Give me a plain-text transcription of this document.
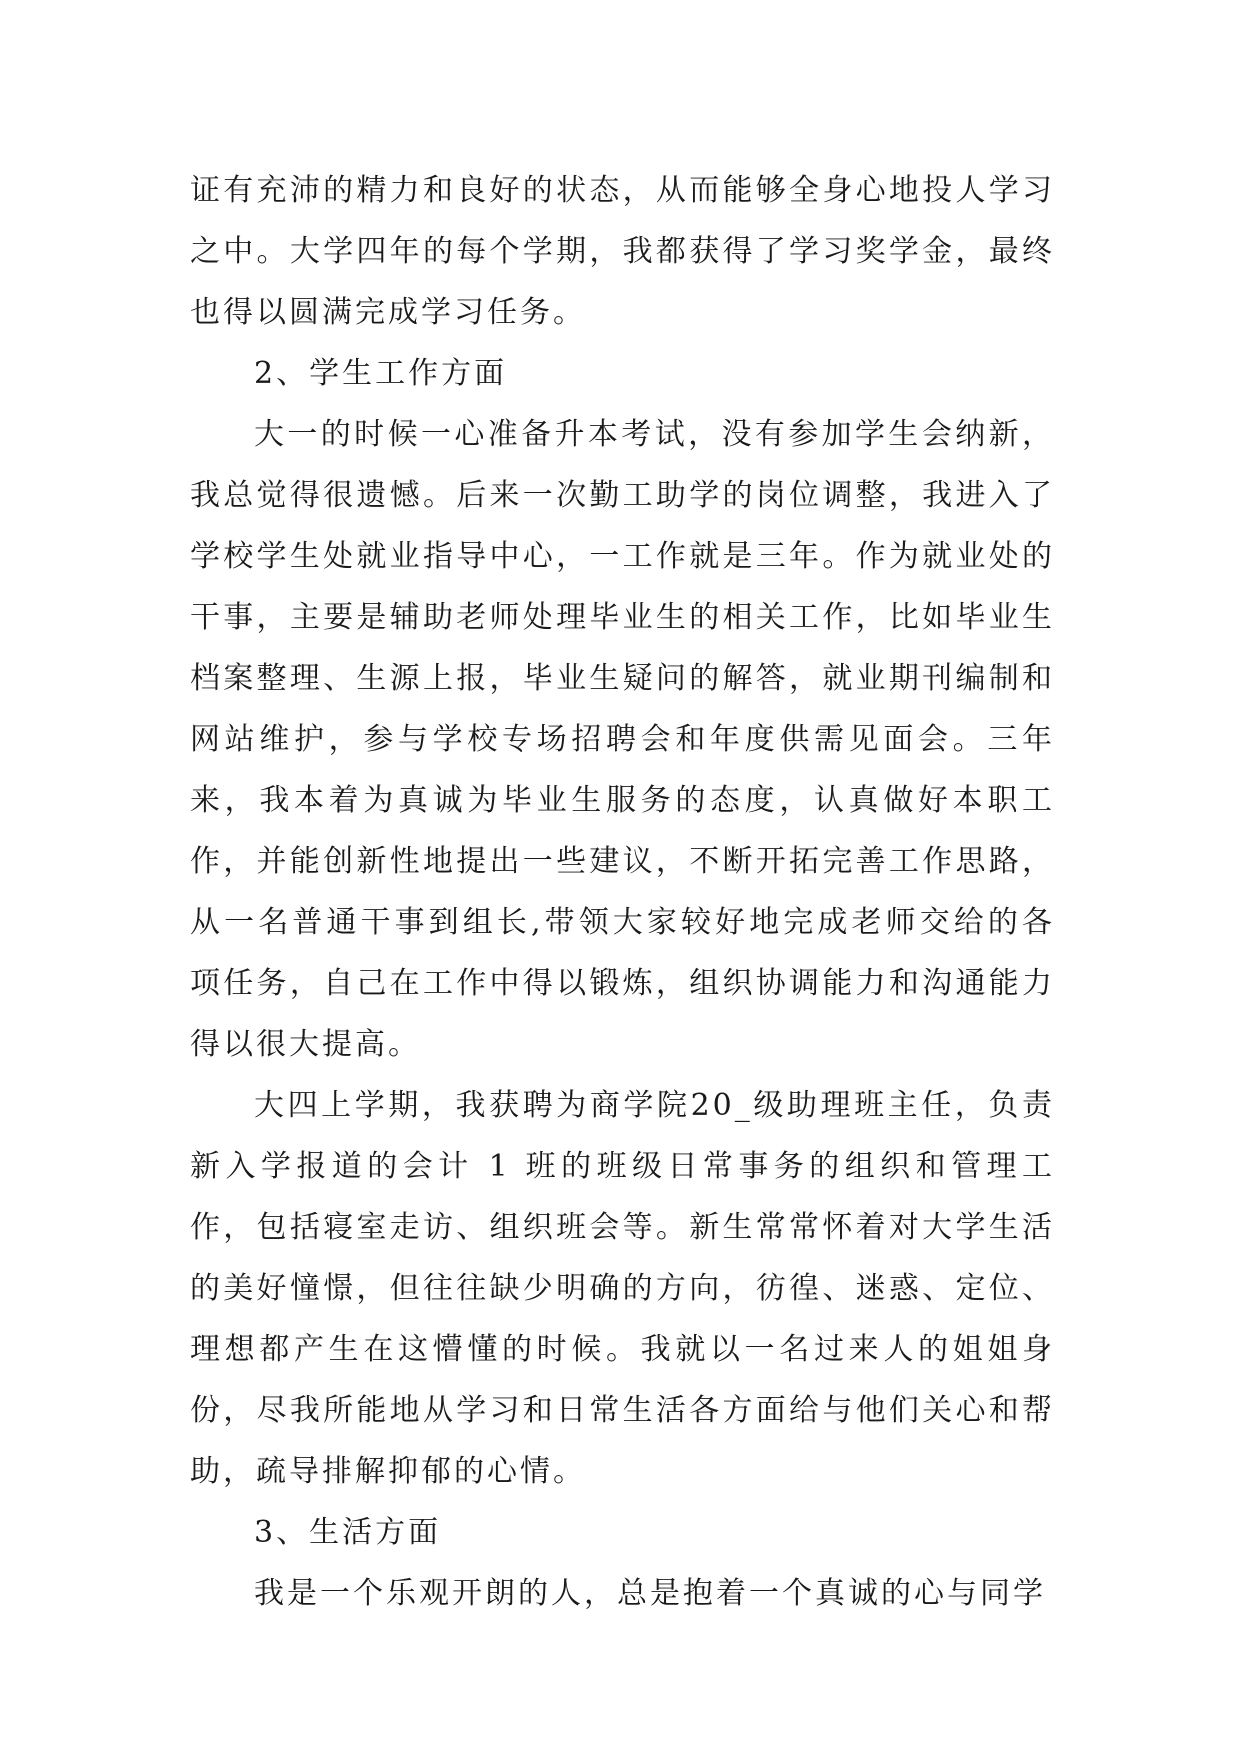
证有充沛的精力和良好的状态，从而能够全身心地投人学习之中。大学四年的每个学期，我都获得了学习奖学金，最终也得以圆满完成学习任务。

2、学生工作方面

大一的时候一心准备升本考试，没有参加学生会纳新，我总觉得很遗憾。后来一次勤工助学的岗位调整，我进入了学校学生处就业指导中心，一工作就是三年。作为就业处的干事，主要是辅助老师处理毕业生的相关工作，比如毕业生档案整理、生源上报，毕业生疑问的解答，就业期刊编制和网站维护，参与学校专场招聘会和年度供需见面会。三年来，我本着为真诚为毕业生服务的态度，认真做好本职工作，并能创新性地提出一些建议，不断开拓完善工作思路，从一名普通干事到组长,带领大家较好地完成老师交给的各项任务，自己在工作中得以锻炼，组织协调能力和沟通能力得以很大提高。

大四上学期，我获聘为商学院20_级助理班主任，负责新入学报道的会计 1 班的班级日常事务的组织和管理工作，包括寝室走访、组织班会等。新生常常怀着对大学生活的美好憧憬，但往往缺少明确的方向，彷徨、迷惑、定位、理想都产生在这懵懂的时候。我就以一名过来人的姐姐身份，尽我所能地从学习和日常生活各方面给与他们关心和帮助，疏导排解抑郁的心情。

3、生活方面

我是一个乐观开朗的人，总是抱着一个真诚的心与同学
